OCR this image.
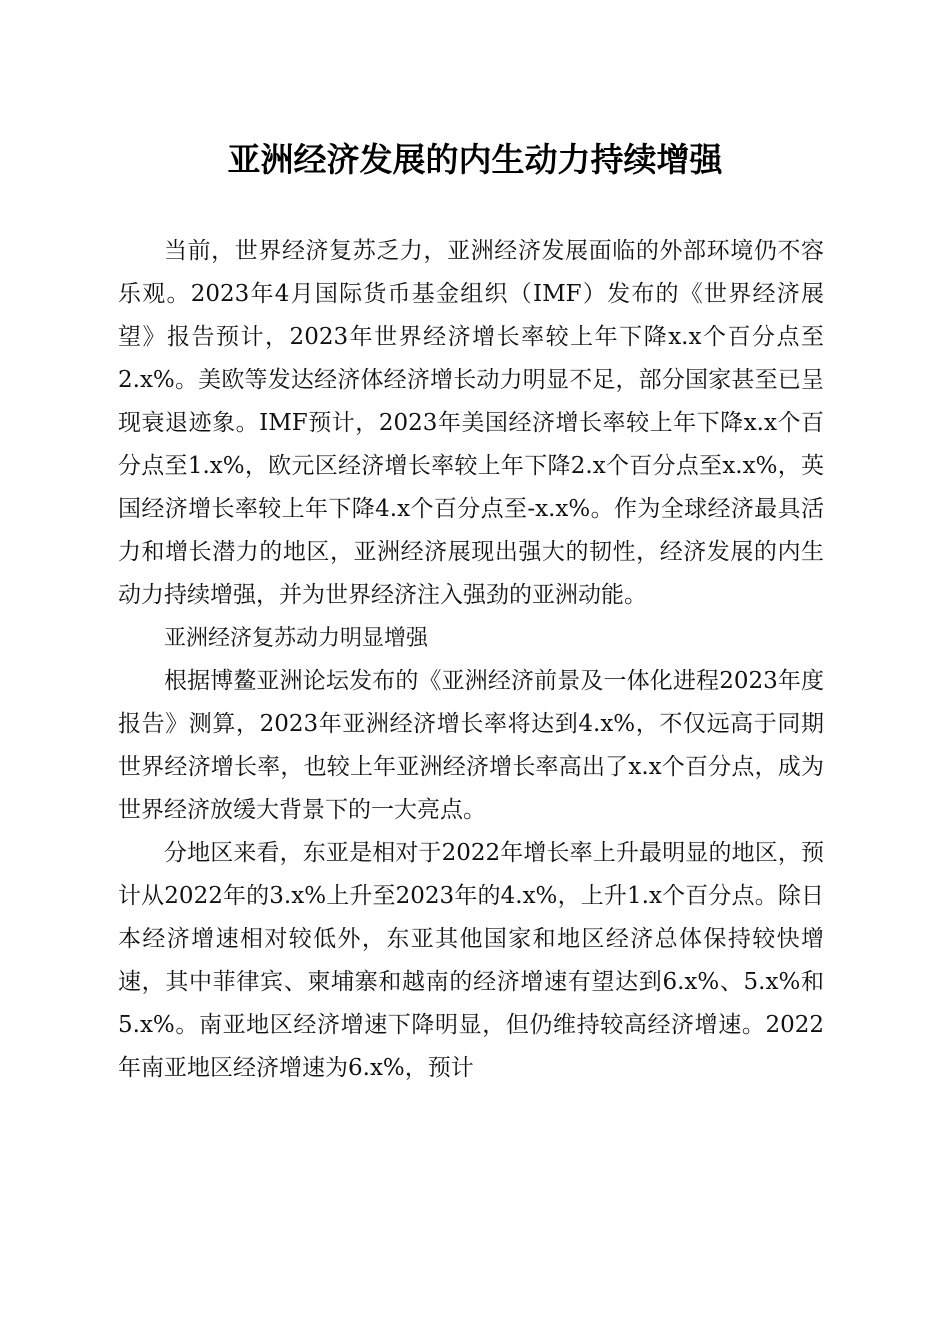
亚洲经济发展的内生动力持续增强

当前，世界经济复苏乏力，亚洲经济发展面临的外部环境仍不容乐观。2023年4月国际货币基金组织（IMF）发布的《世界经济展望》报告预计，2023年世界经济增长率较上年下降x.x个百分点至2.x%。美欧等发达经济体经济增长动力明显不足，部分国家甚至已呈现衰退迹象。IMF预计，2023年美国经济增长率较上年下降x.x个百分点至1.x%，欧元区经济增长率较上年下降2.x个百分点至x.x%，英国经济增长率较上年下降4.x个百分点至-x.x%。作为全球经济最具活力和增长潜力的地区，亚洲经济展现出强大的韧性，经济发展的内生动力持续增强，并为世界经济注入强劲的亚洲动能。

亚洲经济复苏动力明显增强

根据博鳌亚洲论坛发布的《亚洲经济前景及一体化进程2023年度报告》测算，2023年亚洲经济增长率将达到4.x%，不仅远高于同期世界经济增长率，也较上年亚洲经济增长率高出了x.x个百分点，成为世界经济放缓大背景下的一大亮点。

分地区来看，东亚是相对于2022年增长率上升最明显的地区，预计从2022年的3.x%上升至2023年的4.x%，上升1.x个百分点。除日本经济增速相对较低外，东亚其他国家和地区经济总体保持较快增速，其中菲律宾、柬埔寨和越南的经济增速有望达到6.x%、5.x%和5.x%。南亚地区经济增速下降明显，但仍维持较高经济增速。2022年南亚地区经济增速为6.x%，预计
